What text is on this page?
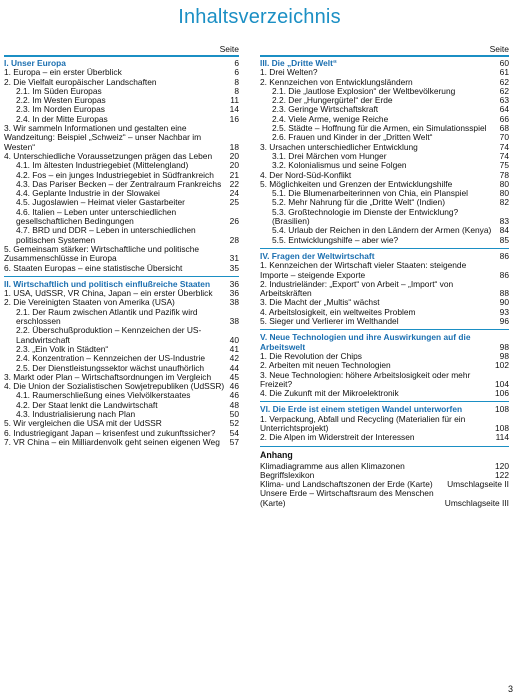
Inhaltsverzeichnis
Seite
I. Unser Europa	6
1. Europa – ein erster Überblick	6
2. Die Vielfalt europäischer Landschaften	8
2.1. Im Süden Europas	8
2.2. Im Westen Europas	11
2.3. Im Norden Europas	14
2.4. In der Mitte Europas	16
3. Wir sammeln Informationen und gestalten eine Wandzeitung: Beispiel „Schweiz“ – unser Nachbar im Westen“	18
4. Unterschiedliche Voraussetzungen prägen das Leben	20
4.1. Im ältesten Industriegebiet (Mittelengland)	20
4.2. Fos – ein junges Industriegebiet in Südfrankreich	21
4.3. Das Pariser Becken – der Zentralraum Frankreichs 22
4.4. Geplante Industrie in der Slowakei	24
4.5. Jugoslawien – Heimat vieler Gastarbeiter	25
4.6. Italien – Leben unter unterschiedlichen gesellschaftlichen Bedingungen	26
4.7. BRD und DDR – Leben in unterschiedlichen politischen Systemen	28
5. Gemeinsam stärker: Wirtschaftliche und politische Zusammenschlüsse in Europa	31
6. Staaten Europas – eine statistische Übersicht	35
II. Wirtschaftlich und politisch einflußreiche Staaten	36
1. USA, UdSSR, VR China, Japan – ein erster Überblick	36
2. Die Vereinigten Staaten von Amerika (USA)	38
2.1. Der Raum zwischen Atlantik und Pazifik wird erschlossen	38
2.2. Überschußproduktion – Kennzeichen der US-Landwirtschaft	40
2.3. „Ein Volk in Städten“	41
2.4. Konzentration – Kennzeichen der US-Industrie	42
2.5. Der Dienstleistungssektor wächst unaufhörlich	44
3. Markt oder Plan – Wirtschaftsordnungen im Vergleich	45
4. Die Union der Sozialistischen Sowjetrepubliken (UdSSR) 46
4.1. Raumerschließung eines Vielvölkerstaates	46
4.2. Der Staat lenkt die Landwirtschaft	48
4.3. Industrialisierung nach Plan	50
5. Wir vergleichen die USA mit der UdSSR	52
6. Industriegigant Japan – krisenfest und zukunftssicher?	54
7. VR China – ein Milliardenvolk geht seinen eigenen Weg	57
Seite
III. Die „Dritte Welt“	60
1. Drei Welten?	61
2. Kennzeichen von Entwicklungsländern	62
2.1. Die „lautlose Explosion“ der Weltbevölkerung	62
2.2. Der „Hungergürtel“ der Erde	63
2.3. Geringe Wirtschaftskraft	64
2.4. Viele Arme, wenige Reiche	66
2.5. Städte – Hoffnung für die Armen, ein Simulationsspiel	68
2.6. Frauen und Kinder in der „Dritten Welt“	70
3. Ursachen unterschiedlicher Entwicklung	74
3.1. Drei Märchen vom Hunger	74
3.2. Kolonialismus und seine Folgen	75
4. Der Nord-Süd-Konflikt	78
5. Möglichkeiten und Grenzen der Entwicklungshilfe	80
5.1. Die Blumenarbeiterinnen von Chia, ein Planspiel	80
5.2. Mehr Nahrung für die „Dritte Welt“ (Indien)	82
5.3. Großtechnologie im Dienste der Entwicklung? (Brasilien)	83
5.4. Urlaub der Reichen in den Ländern der Armen (Kenya) 84
5.5. Entwicklungshilfe – aber wie?	85
IV. Fragen der Weltwirtschaft	86
1. Kennzeichen der Wirtschaft vieler Staaten: steigende Importe – steigende Exporte	86
2. Industrieländer: „Export“ von Arbeit – „Import“ von Arbeitskräften	88
3. Die Macht der „Multis“ wächst	90
4. Arbeitslosigkeit, ein weltweites Problem	93
5. Sieger und Verlierer im Welthandel	96
V. Neue Technologien und ihre Auswirkungen auf die Arbeitswelt	98
1. Die Revolution der Chips	98
2. Arbeiten mit neuen Technologien	102
3. Neue Technologien: höhere Arbeitslosigkeit oder mehr Freizeit?	104
4. Die Zukunft mit der Mikroelektronik	106
VI. Die Erde ist einem stetigen Wandel unterworfen	108
1. Verpackung, Abfall und Recycling (Materialien für ein Unterrichtsprojekt)	108
2. Die Alpen im Widerstreit der Interessen	114
Anhang
Klimadiagramme aus allen Klimazonen	120
Begriffslexikon	122
Klima- und Landschaftszonen der Erde (Karte)	Umschlagseite II
Unsere Erde – Wirtschaftsraum des Menschen (Karte)	Umschlagseite III
3
